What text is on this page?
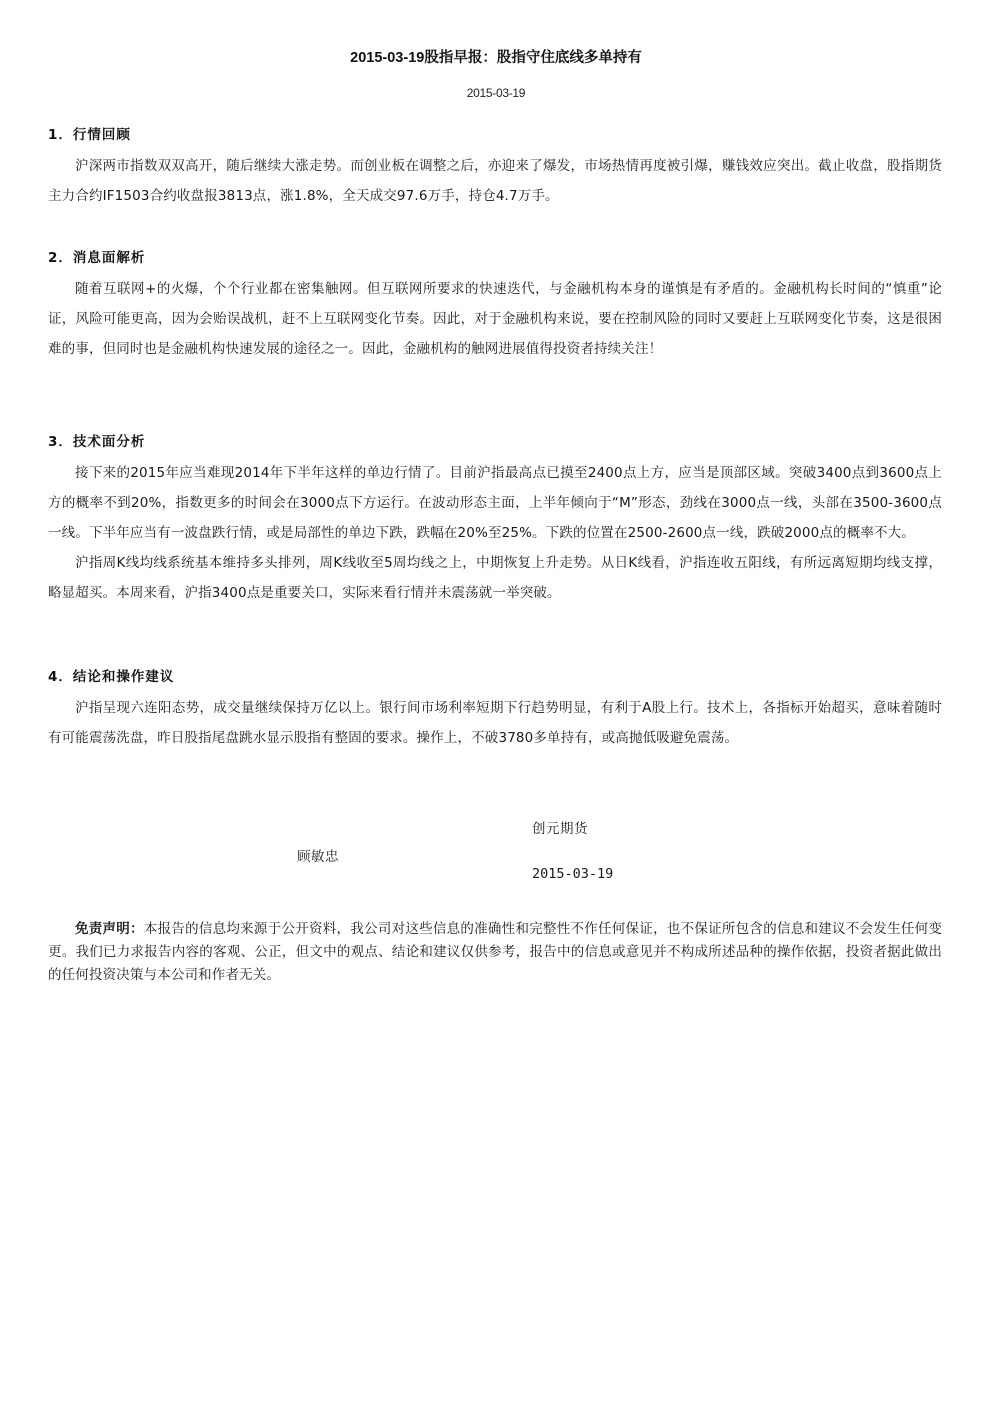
2015-03-19股指早报：股指守住底线多单持有
2015-03-19
1．行情回顾
沪深两市指数双双高开，随后继续大涨走势。而创业板在调整之后，亦迎来了爆发，市场热情再度被引爆，赚钱效应突出。截止收盘，股指期货主力合约IF1503合约收盘报3813点，涨1.8%，全天成交97.6万手，持仓4.7万手。
2．消息面解析
随着互联网+的火爆，个个行业都在密集触网。但互联网所要求的快速迭代，与金融机构本身的谨慎是有矛盾的。金融机构长时间的“慎重”论证，风险可能更高，因为会贻误战机，赶不上互联网变化节奏。因此，对于金融机构来说，要在控制风险的同时又要赶上互联网变化节奏，这是很困难的事，但同时也是金融机构快速发展的途径之一。因此，金融机构的触网进展值得投资者持续关注！
3．技术面分析
接下来的2015年应当难现2014年下半年这样的单边行情了。目前沪指最高点已摸至2400点上方，应当是顶部区域。突破3400点到3600点上方的概率不到20%，指数更多的时间会在3000点下方运行。在波动形态主面，上半年倾向于“M”形态，劲线在3000点一线，头部在3500-3600点一线。下半年应当有一波盘跌行情，或是局部性的单边下跌，跌幅在20%至25%。下跌的位置在2500-2600点一线，跌破2000点的概率不大。
沪指周K线均线系统基本维持多头排列，周K线收至5周均线之上，中期恢复上升走势。从日K线看，沪指连收五阳线，有所远离短期均线支撑，略显超买。本周来看，沪指3400点是重要关口，实际来看行情并未震荡就一举突破。
4．结论和操作建议
沪指呈现六连阳态势，成交量继续保持万亿以上。银行间市场利率短期下行趋势明显，有利于A股上行。技术上，各指标开始超买，意味着随时有可能震荡洗盘，昨日股指尾盘跳水显示股指有整固的要求。操作上，不破3780多单持有，或高抛低吸避免震荡。
创元期货
顾敏忠
2015-03-19
免责声明：本报告的信息均来源于公开资料，我公司对这些信息的准确性和完整性不作任何保证，也不保证所包含的信息和建议不会发生任何变更。我们已力求报告内容的客观、公正，但文中的观点、结论和建议仅供参考，报告中的信息或意见并不构成所述品种的操作依据，投资者据此做出的任何投资决策与本公司和作者无关。
